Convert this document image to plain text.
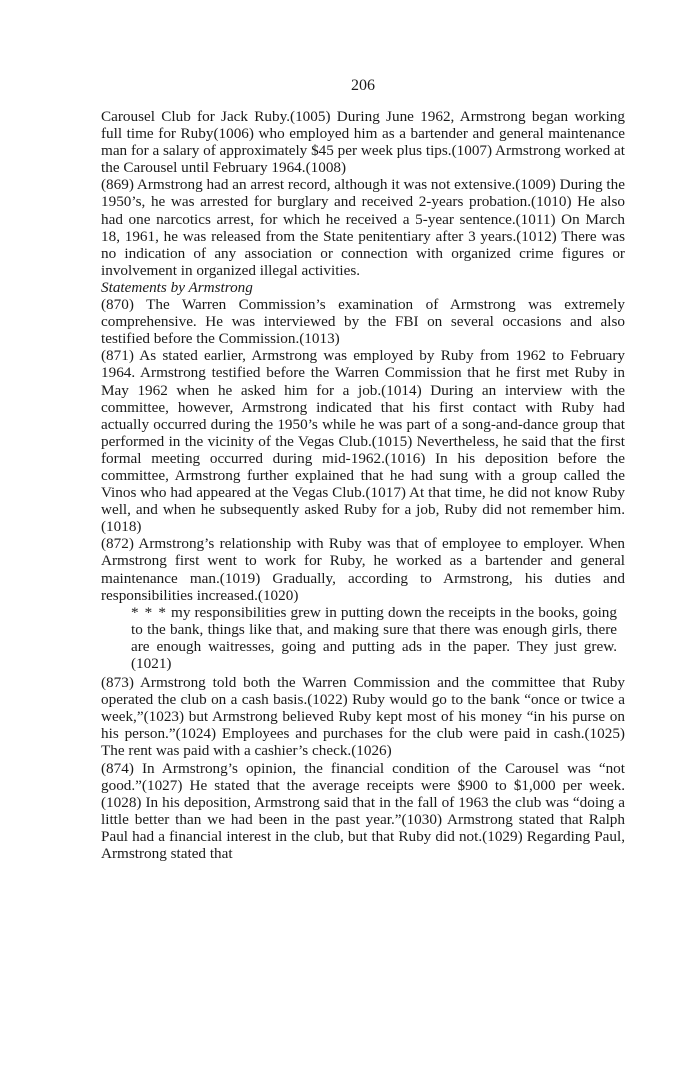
206

Carousel Club for Jack Ruby.(1005) During June 1962, Armstrong began working full time for Ruby(1006) who employed him as a bartender and general maintenance man for a salary of approximately $45 per week plus tips.(1007) Armstrong worked at the Carousel until February 1964.(1008)

(869) Armstrong had an arrest record, although it was not extensive.(1009) During the 1950’s, he was arrested for burglary and received 2-years probation.(1010) He also had one narcotics arrest, for which he received a 5-year sentence.(1011) On March 18, 1961, he was released from the State penitentiary after 3 years.(1012) There was no indication of any association or connection with organized crime figures or involvement in organized illegal activities.

Statements by Armstrong

(870) The Warren Commission’s examination of Armstrong was extremely comprehensive. He was interviewed by the FBI on several occasions and also testified before the Commission.(1013)

(871) As stated earlier, Armstrong was employed by Ruby from 1962 to February 1964. Armstrong testified before the Warren Commission that he first met Ruby in May 1962 when he asked him for a job.(1014) During an interview with the committee, however, Armstrong indicated that his first contact with Ruby had actually occurred during the 1950’s while he was part of a song-and-dance group that performed in the vicinity of the Vegas Club.(1015) Nevertheless, he said that the first formal meeting occurred during mid-1962.(1016) In his deposition before the committee, Armstrong further explained that he had sung with a group called the Vinos who had appeared at the Vegas Club.(1017) At that time, he did not know Ruby well, and when he subsequently asked Ruby for a job, Ruby did not remember him.(1018)

(872) Armstrong’s relationship with Ruby was that of employee to employer. When Armstrong first went to work for Ruby, he worked as a bartender and general maintenance man.(1019) Gradually, according to Armstrong, his duties and responsibilities increased.(1020)

* * * my responsibilities grew in putting down the receipts in the books, going to the bank, things like that, and making sure that there was enough girls, there are enough waitresses, going and putting ads in the paper. They just grew.(1021)

(873) Armstrong told both the Warren Commission and the committee that Ruby operated the club on a cash basis.(1022) Ruby would go to the bank “once or twice a week,”(1023) but Armstrong believed Ruby kept most of his money “in his purse on his person.”(1024) Employees and purchases for the club were paid in cash.(1025) The rent was paid with a cashier’s check.(1026)

(874) In Armstrong’s opinion, the financial condition of the Carousel was “not good.”(1027) He stated that the average receipts were $900 to $1,000 per week.(1028) In his deposition, Armstrong said that in the fall of 1963 the club was “doing a little better than we had been in the past year.”(1030) Armstrong stated that Ralph Paul had a financial interest in the club, but that Ruby did not.(1029) Regarding Paul, Armstrong stated that
